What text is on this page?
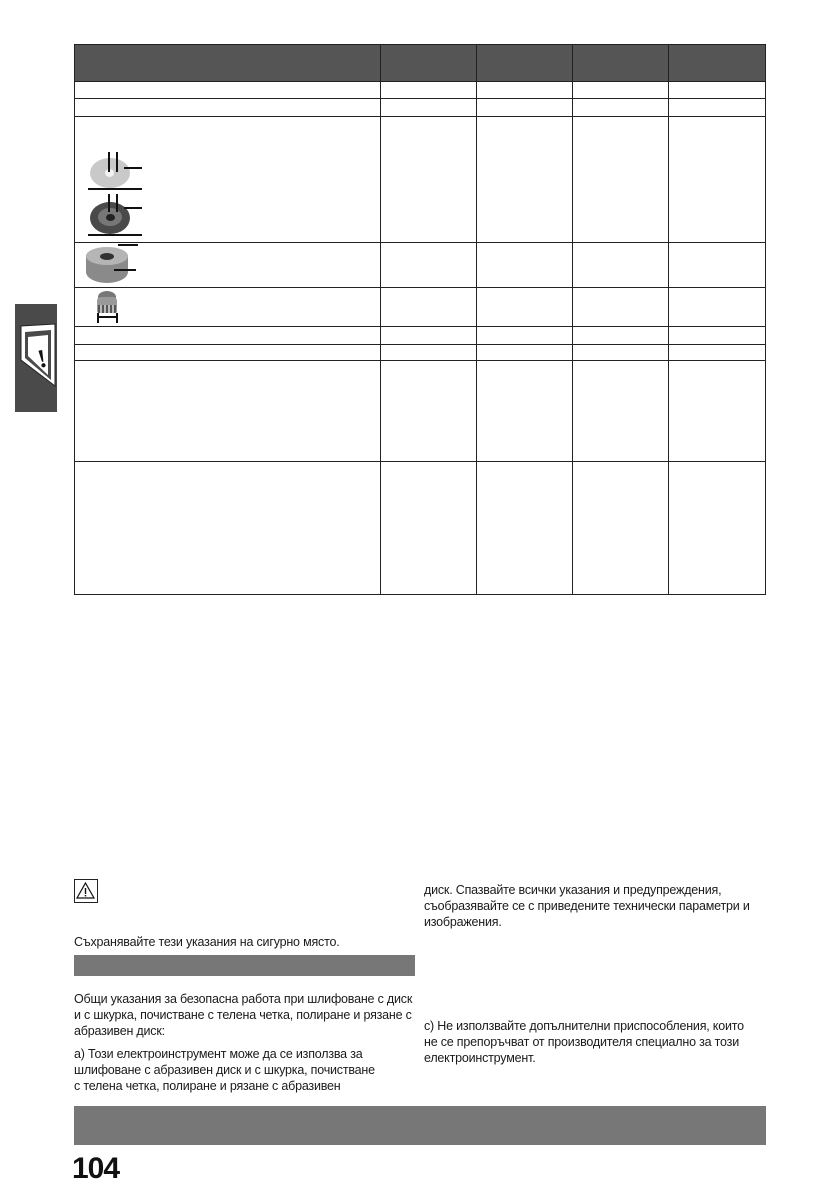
!
Съхранявайте тези указания на сигурно място.
Общи указания за безопасна работа при шлифоване с диск
и с шкурка, почистване с телена четка, полиране и рязане с
абразивен диск:
а) Този електроинструмент може да се използва за
шлифоване с абразивен диск и с шкурка, почистване
с телена четка, полиране и рязане с абразивен
диск. Спазвайте всички указания и предупреждения,
съобразявайте се с приведените технически параметри и
изображения.
c) Не използвайте допълнителни приспособления, които
не се препоръчват от производителя специално за този
електроинструмент.
104
